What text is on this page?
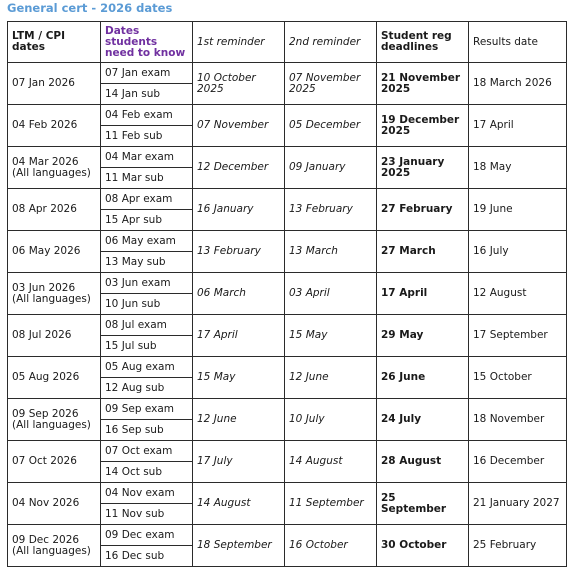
General cert - 2026 dates
LTM / CPI dates	Dates students need to know	1st reminder	2nd reminder	Student reg deadlines	Results date

07 Jan 2026	07 Jan exam	10 October 2025	07 November 2025	21 November 2025	18 March 2026
	14 Jan sub				

04 Feb 2026	04 Feb exam	07 November	05 December	19 December 2025	17 April
	11 Feb sub				

04 Mar 2026
(All languages)	04 Mar exam	12 December	09 January	23 January 2025	18 May
	11 Mar sub				

08 Apr 2026	08 Apr exam	16 January	13 February	27 February	19 June
	15 Apr sub				

06 May 2026	06 May exam	13 February	13 March	27 March	16 July
	13 May sub				

03 Jun 2026
(All languages)	03 Jun exam	06 March	03 April	17 April	12 August
	10 Jun sub				

08 Jul 2026	08 Jul exam	17 April	15 May	29 May	17 September
	15 Jul sub				

05 Aug 2026	05 Aug exam	15 May	12 June	26 June	15 October
	12 Aug sub				

09 Sep 2026
(All languages)	09 Sep exam	12 June	10 July	24 July	18 November
	16 Sep sub				

07 Oct 2026	07 Oct exam	17 July	14 August	28 August	16 December
	14 Oct sub				

04 Nov 2026	04 Nov exam	14 August	11 September	25 September	21 January 2027
	11 Nov sub				

09 Dec 2026
(All languages)	09 Dec exam	18 September	16 October	30 October	25 February
	16 Dec sub				
